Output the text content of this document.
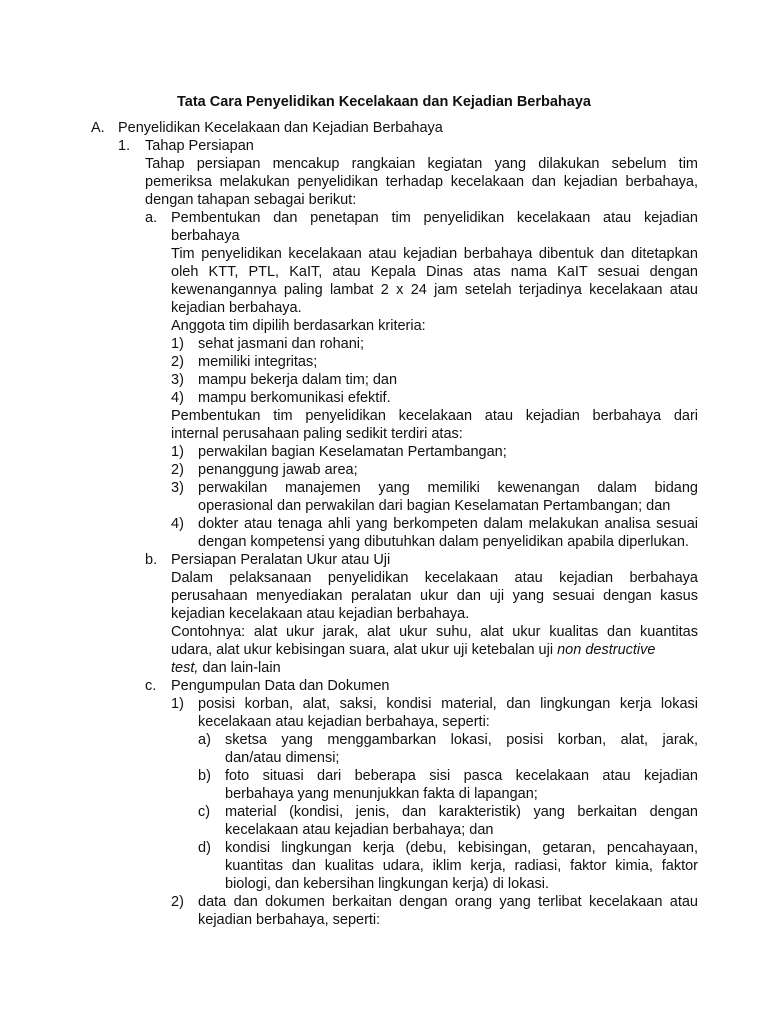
Tata Cara Penyelidikan Kecelakaan dan Kejadian Berbahaya
A. Penyelidikan Kecelakaan dan Kejadian Berbahaya
1. Tahap Persiapan
Tahap persiapan mencakup rangkaian kegiatan yang dilakukan sebelum tim
pemeriksa melakukan penyelidikan terhadap kecelakaan dan kejadian berbahaya,
dengan tahapan sebagai berikut:
a. Pembentukan dan penetapan tim penyelidikan kecelakaan atau kejadian
berbahaya
Tim penyelidikan kecelakaan atau kejadian berbahaya dibentuk dan ditetapkan
oleh KTT, PTL, KaIT, atau Kepala Dinas atas nama KaIT sesuai dengan
kewenangannya paling lambat 2 x 24 jam setelah terjadinya kecelakaan atau
kejadian berbahaya.
Anggota tim dipilih berdasarkan kriteria:
1) sehat jasmani dan rohani;
2) memiliki integritas;
3) mampu bekerja dalam tim; dan
4) mampu berkomunikasi efektif.
Pembentukan tim penyelidikan kecelakaan atau kejadian berbahaya dari
internal perusahaan paling sedikit terdiri atas:
1) perwakilan bagian Keselamatan Pertambangan;
2) penanggung jawab area;
3) perwakilan manajemen yang memiliki kewenangan dalam bidang
operasional dan perwakilan dari bagian Keselamatan Pertambangan; dan
4) dokter atau tenaga ahli yang berkompeten dalam melakukan analisa sesuai
dengan kompetensi yang dibutuhkan dalam penyelidikan apabila diperlukan.
b. Persiapan Peralatan Ukur atau Uji
Dalam pelaksanaan penyelidikan kecelakaan atau kejadian berbahaya
perusahaan menyediakan peralatan ukur dan uji yang sesuai dengan kasus
kejadian kecelakaan atau kejadian berbahaya.
Contohnya: alat ukur jarak, alat ukur suhu, alat ukur kualitas dan kuantitas
udara, alat ukur kebisingan suara, alat ukur uji ketebalan uji non destructive
test, dan lain-lain
c. Pengumpulan Data dan Dokumen
1) posisi korban, alat, saksi, kondisi material, dan lingkungan kerja lokasi
kecelakaan atau kejadian berbahaya, seperti:
a) sketsa yang menggambarkan lokasi, posisi korban, alat, jarak,
dan/atau dimensi;
b) foto situasi dari beberapa sisi pasca kecelakaan atau kejadian
berbahaya yang menunjukkan fakta di lapangan;
c) material (kondisi, jenis, dan karakteristik) yang berkaitan dengan
kecelakaan atau kejadian berbahaya; dan
d) kondisi lingkungan kerja (debu, kebisingan, getaran, pencahayaan,
kuantitas dan kualitas udara, iklim kerja, radiasi, faktor kimia, faktor
biologi, dan kebersihan lingkungan kerja) di lokasi.
2) data dan dokumen berkaitan dengan orang yang terlibat kecelakaan atau
kejadian berbahaya, seperti:
